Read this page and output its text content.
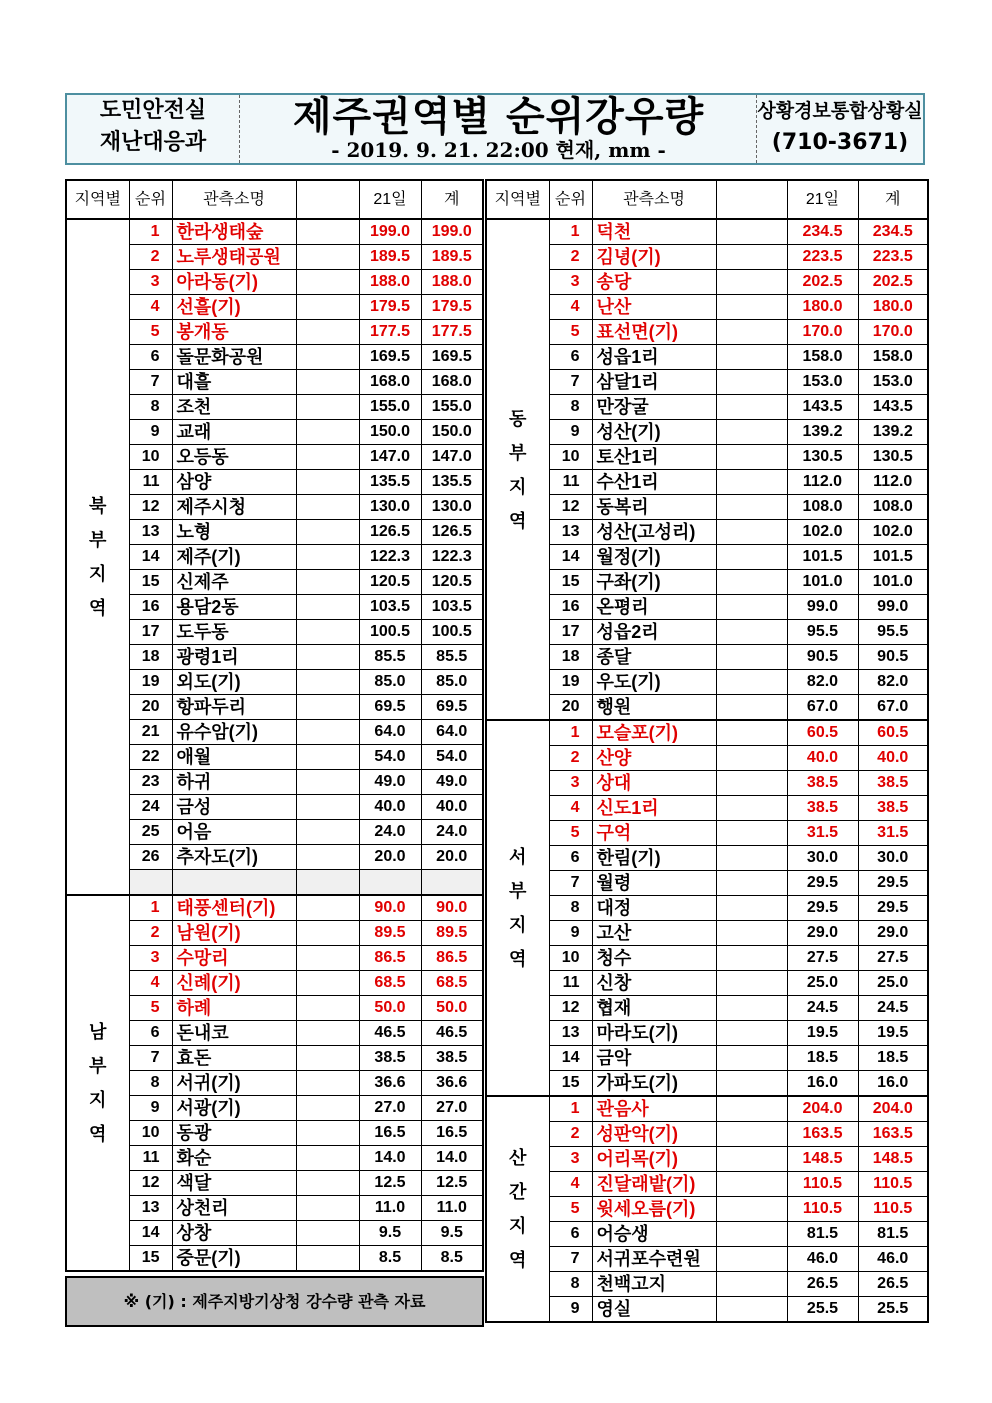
도민안전실
재난대응과
제주권역별 순위강우량
- 2019. 9. 21. 22:00 현재, mm -
상황경보통합상황실
(710-3671)
지역별	순위	관측소명		21일	계
북부지역	1	한라생태숲		199.0	199.0
	2	노루생태공원		189.5	189.5
	3	아라동(기)		188.0	188.0
	4	선흘(기)		179.5	179.5
	5	봉개동		177.5	177.5
	6	돌문화공원		169.5	169.5
	7	대흘		168.0	168.0
	8	조천		155.0	155.0
	9	교래		150.0	150.0
	10	오등동		147.0	147.0
	11	삼양		135.5	135.5
	12	제주시청		130.0	130.0
	13	노형		126.5	126.5
	14	제주(기)		122.3	122.3
	15	신제주		120.5	120.5
	16	용담2동		103.5	103.5
	17	도두동		100.5	100.5
	18	광령1리		85.5	85.5
	19	외도(기)		85.0	85.0
	20	항파두리		69.5	69.5
	21	유수암(기)		64.0	64.0
	22	애월		54.0	54.0
	23	하귀		49.0	49.0
	24	금성		40.0	40.0
	25	어음		24.0	24.0
	26	추자도(기)		20.0	20.0

남부지역	1	태풍센터(기)		90.0	90.0
	2	남원(기)		89.5	89.5
	3	수망리		86.5	86.5
	4	신례(기)		68.5	68.5
	5	하례		50.0	50.0
	6	돈내코		46.5	46.5
	7	효돈		38.5	38.5
	8	서귀(기)		36.6	36.6
	9	서광(기)		27.0	27.0
	10	동광		16.5	16.5
	11	화순		14.0	14.0
	12	색달		12.5	12.5
	13	상천리		11.0	11.0
	14	상창		9.5	9.5
	15	중문(기)		8.5	8.5
지역별	순위	관측소명		21일	계
동부지역	1	덕천		234.5	234.5
	2	김녕(기)		223.5	223.5
	3	송당		202.5	202.5
	4	난산		180.0	180.0
	5	표선면(기)		170.0	170.0
	6	성읍1리		158.0	158.0
	7	삼달1리		153.0	153.0
	8	만장굴		143.5	143.5
	9	성산(기)		139.2	139.2
	10	토산1리		130.5	130.5
	11	수산1리		112.0	112.0
	12	동복리		108.0	108.0
	13	성산(고성리)		102.0	102.0
	14	월정(기)		101.5	101.5
	15	구좌(기)		101.0	101.0
	16	온평리		99.0	99.0
	17	성읍2리		95.5	95.5
	18	종달		90.5	90.5
	19	우도(기)		82.0	82.0
	20	행원		67.0	67.0
서부지역	1	모슬포(기)		60.5	60.5
	2	산양		40.0	40.0
	3	상대		38.5	38.5
	4	신도1리		38.5	38.5
	5	구억		31.5	31.5
	6	한림(기)		30.0	30.0
	7	월령		29.5	29.5
	8	대정		29.5	29.5
	9	고산		29.0	29.0
	10	청수		27.5	27.5
	11	신창		25.0	25.0
	12	협재		24.5	24.5
	13	마라도(기)		19.5	19.5
	14	금악		18.5	18.5
	15	가파도(기)		16.0	16.0
산간지역	1	관음사		204.0	204.0
	2	성판악(기)		163.5	163.5
	3	어리목(기)		148.5	148.5
	4	진달래밭(기)		110.5	110.5
	5	윗세오름(기)		110.5	110.5
	6	어승생		81.5	81.5
	7	서귀포수련원		46.0	46.0
	8	천백고지		26.5	26.5
	9	영실		25.5	25.5
※ (기) : 제주지방기상청 강수량 관측 자료
